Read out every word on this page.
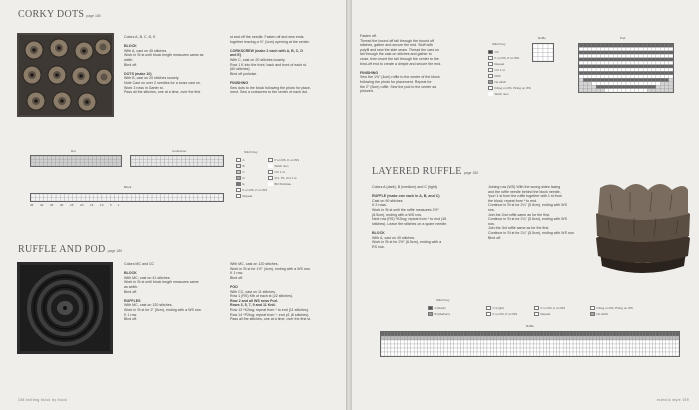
CORKY DOTS page 180
Colors A, B, C, D, E
BLOCK
With A, cast on 45 stitches.
Work in St st until block length measures same as
width.
Bind off.
DOTS (make 10)
With B, cast on 20 stitches loosely.
Note Cast on over 2 needles for a loose cast on.
Work 3 rows in Garter st.
Pass all the stitches, one at a time, over the first
st and off the needle. Fasten off and sew ends
together leaving a ⅜" (1cm) opening at the center.
CORKSCREW (make 2 each with A, B, C, D
and E)
With C, cast on 20 stitches loosely.
Row 1 K into the front, back and front of each st.
(60 stitches)
Bind off purlwise.
FINISHING
Sew dots to the block following the photo for place-
ment. Sew a corkscrew to the center of each dot.
Dot	Corkscrew
Block
45        40        35        30        25        20        15        10        5       1
Stitch Key
A
B
C
D
E
K on RS, P on WS
Repeat
P on RS, K on WS
Stitch num
CO 1 st
(K1, P1, K1) 1 st
BO Purlwise
RUFFLE AND POD page 180
Colors MC and CC
BLOCK
With MC, cast on 41 stitches.
Work in St st until block length measures same
as width.
Bind off.
RUFFLES
With MC, cast on 120 stitches.
Work in St st for 2" (5cm), ending with a WS row.
K 1 row.
Bind off.
With MC, cast on 120 stitches.
Work in St st for 1½" (4cm), ending with a WS row.
K 1 row.
Bind off.
POD
With CC, cast on 11 stitches.
Row 1 (RS) Kfb of each st (22 stitches).
Row 2 and all WS rows Purl.
Rows 3, 5, 7, 9 and 11 Knit.
Row 13 *K2tog; repeat from * to end (11 stitches).
Row 14 *P2tog; repeat from *, end p1 (6 stitches).
Pass all the stitches, one at a time, over the first st.
158 knitting block by block
Fasten off.
Thread the bound off tail through the bound off
stitches, gather and secure the end. Stuff with
polyfil and sew the side seam. Thread the cast on
tail through the cast on stitches and gather to
close, then insert the tail through the center to the
bind-off end to create a dimple and secure the end.
FINISHING
Sew the 1⅝" (4cm) ruffle to the center of the block
following the photo for placement. Repeat for
the 2" (5cm) ruffle. Sew the pod to the center as
pictured.
Stitch Key
CC
K on RS, P on WS
Repeat
CO 1 st
Kfbb
No stitch
K2tog on RS, P2tog on WS
Stitch num
Ruffle	Pod
LAYERED RUFFLE page 180
Colors A (dark), B (medium) and C (light)
RUFFLE (make one each in A, B, and C)
Cast on 90 stitches
K 2 rows.
Work in St st until the ruffle measures 2½"
(6.5cm), ending with a WS row.
Next row (RS) *K2tog; repeat from * to end (45
stitches). Leave the stitches on a spare needle.
BLOCK
With A, cast on 40 stitches.
Work in St st for 2½" (6.5cm), ending with a
RS row.
Joining row (WS) With the wrong sides facing
and the ruffle needle behind the block needle,
*purl 1 st from the ruffle together with 1 st from
the block; repeat from * to end.
Continue in St st for 2¼" (5.5cm), ending with WS
row.
Join the 2nd ruffle same as for the first.
Continue in St st for 2¼" (5.5cm), ending with WS
row.
Join the 3rd ruffle same as for the first.
Continue in St st for 2¼" (5.5cm), ending with WS row.
Bind off.
Stitch Key
A (Dark)	C (Light)	P on RS, K on WS	K2tog on RS, P2tog on WS
B (Medium)	K on RS, P on WS	Repeat	No stitch
Ruffle
eclectic style 159
